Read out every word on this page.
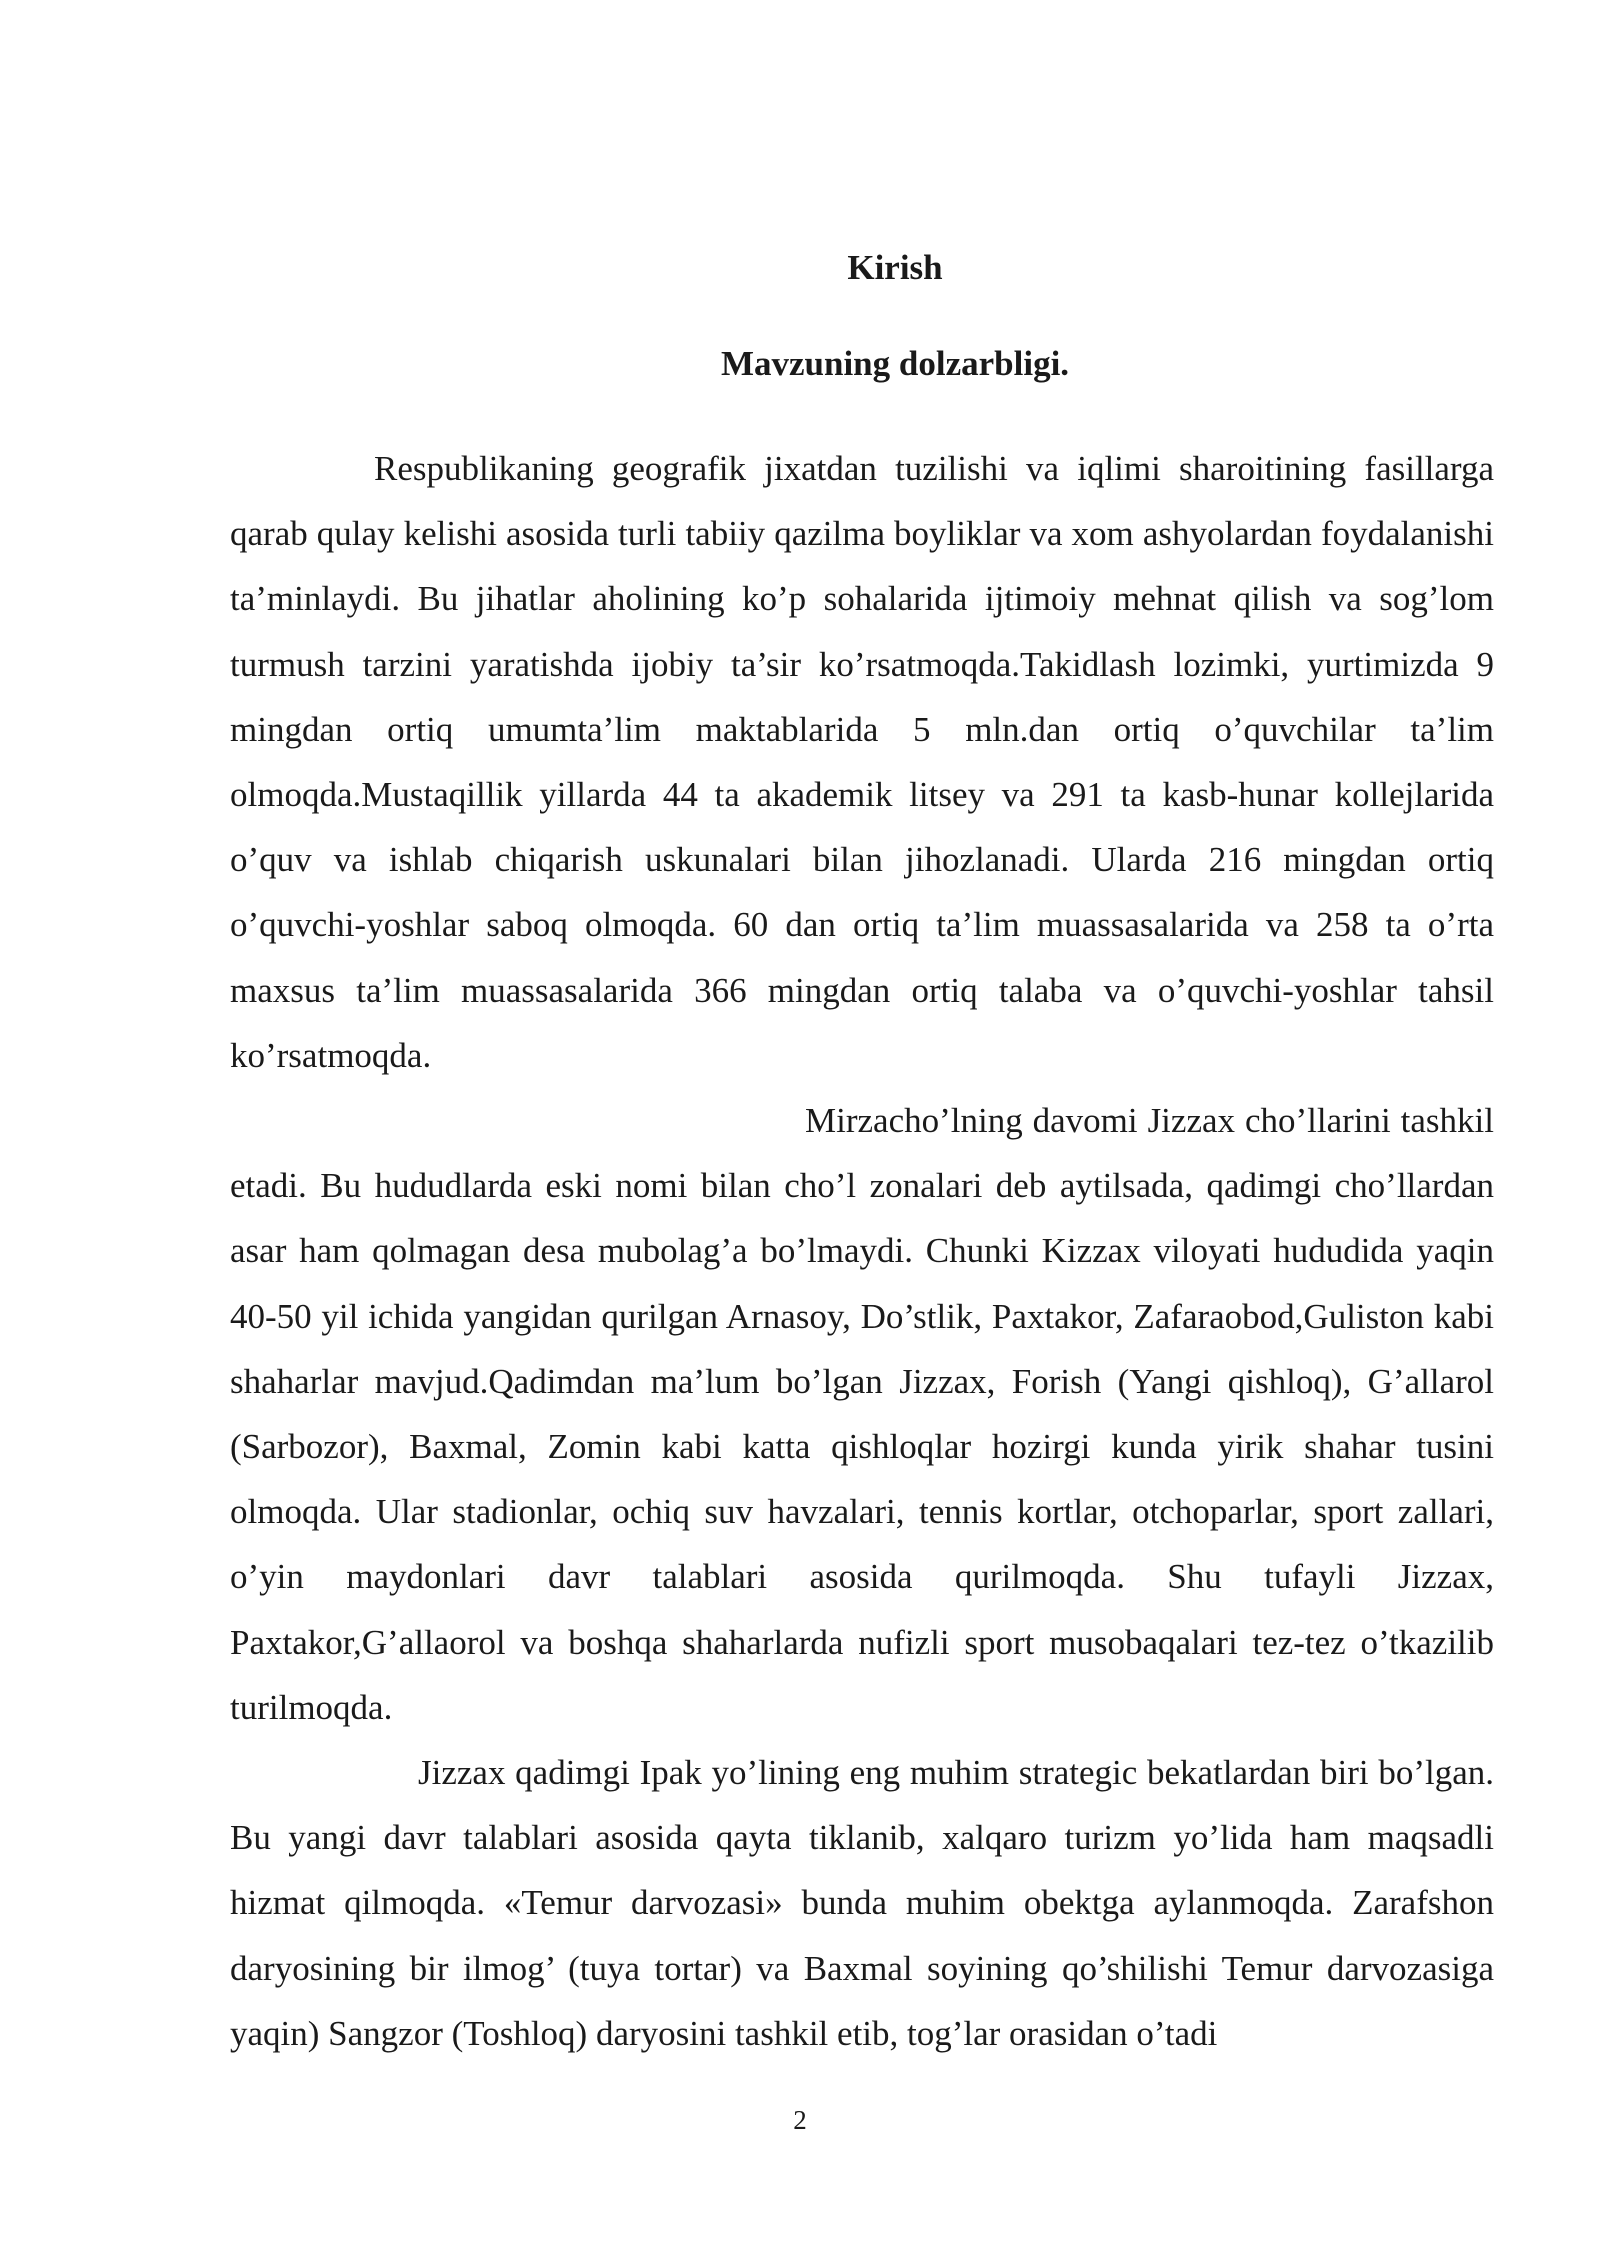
Kirish
Mavzuning dolzarbligi.

Respublikaning geografik jixatdan tuzilishi va iqlimi sharoitining fasillarga qarab qulay kelishi asosida turli tabiiy qazilma boyliklar va xom ashyolardan foydalanishi ta’minlaydi. Bu jihatlar aholining ko’p sohalarida ijtimoiy mehnat qilish va sog’lom turmush tarzini yaratishda ijobiy ta’sir ko’rsatmoqda.Takidlash lozimki, yurtimizda 9 mingdan ortiq umumta’lim maktablarida 5 mln.dan ortiq o’quvchilar ta’lim olmoqda.Mustaqillik yillarda 44 ta akademik litsey va 291 ta kasb-hunar kollejlarida o’quv va ishlab chiqarish uskunalari bilan jihozlanadi. Ularda 216 mingdan ortiq o’quvchi-yoshlar saboq olmoqda. 60 dan ortiq ta’lim muassasalarida va 258 ta o’rta maxsus ta’lim muassasalarida 366 mingdan ortiq talaba va o’quvchi-yoshlar tahsil ko’rsatmoqda.

Mirzacho’lning davomi Jizzax cho’llarini tashkil etadi. Bu hududlarda eski nomi bilan cho’l zonalari deb aytilsada, qadimgi cho’llardan asar ham qolmagan desa mubolag’a bo’lmaydi. Chunki Kizzax viloyati hududida yaqin 40-50 yil ichida yangidan qurilgan Arnasoy, Do’stlik, Paxtakor, Zafaraobod,Guliston kabi shaharlar mavjud.Qadimdan ma’lum bo’lgan Jizzax, Forish (Yangi qishloq), G’allarol (Sarbozor), Baxmal, Zomin kabi katta qishloqlar hozirgi kunda yirik shahar tusini olmoqda. Ular stadionlar, ochiq suv havzalari, tennis kortlar, otchoparlar, sport zallari, o’yin maydonlari davr talablari asosida qurilmoqda. Shu tufayli Jizzax, Paxtakor,G’allaorol va boshqa shaharlarda nufizli sport musobaqalari tez-tez o’tkazilib turilmoqda.

Jizzax qadimgi Ipak yo’lining eng muhim strategic bekatlardan biri bo’lgan. Bu yangi davr talablari asosida qayta tiklanib, xalqaro turizm yo’lida ham maqsadli hizmat qilmoqda. «Temur darvozasi» bunda muhim obektga aylanmoqda. Zarafshon daryosining bir ilmog’ (tuya tortar) va Baxmal soyining qo’shilishi Temur darvozasiga yaqin) Sangzor (Toshloq) daryosini tashkil etib, tog’lar orasidan o’tadi

2
